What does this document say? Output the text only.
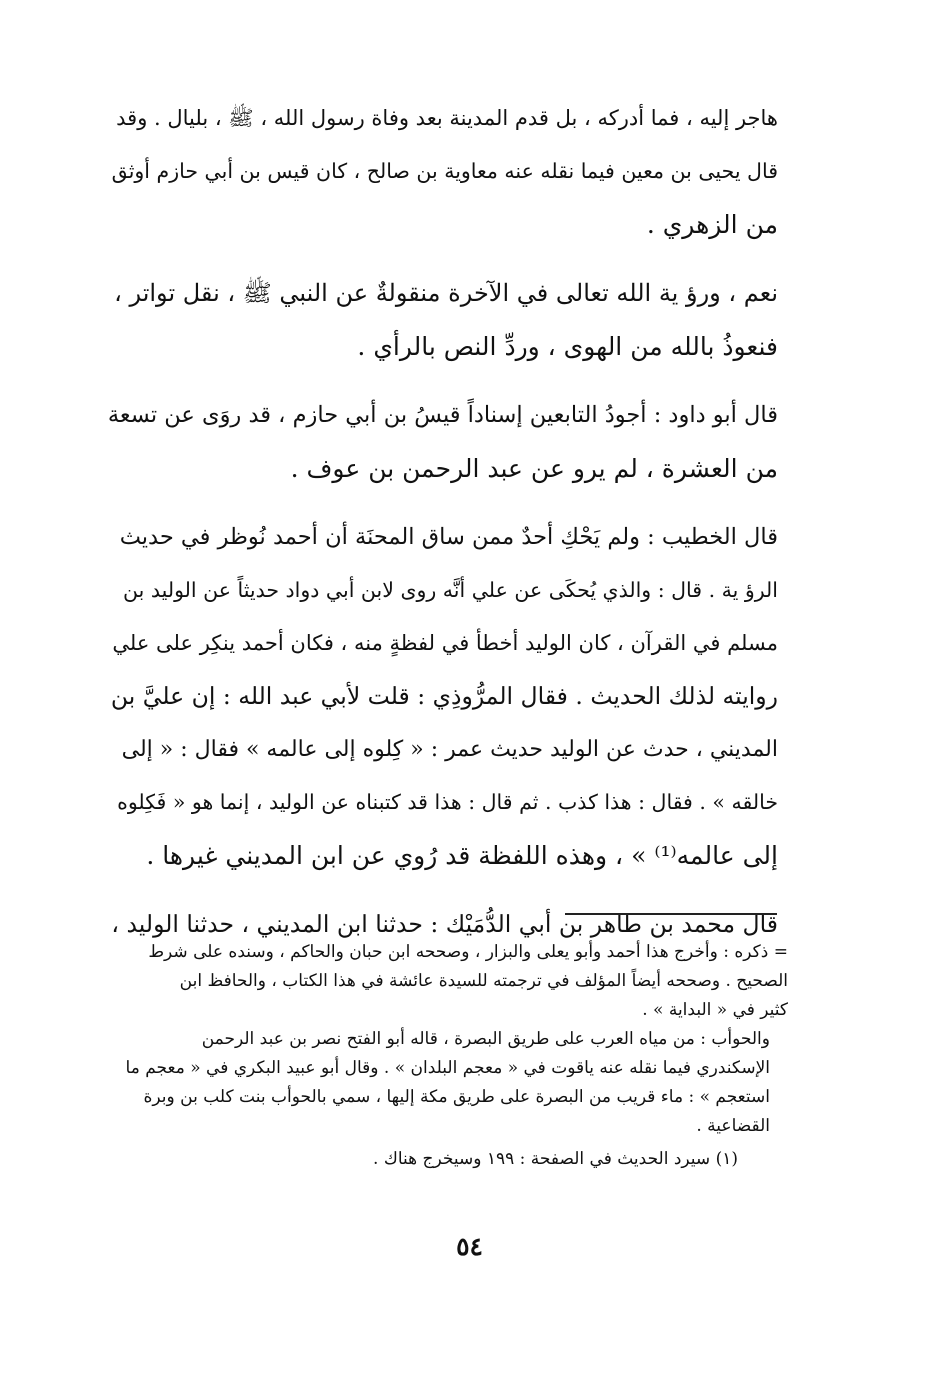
هاجر إليه ، فما أدركه ، بل قدم المدينة بعد وفاة رسول الله ، ﷺ ، بليال . وقد
قال يحيى بن معين فيما نقله عنه معاوية بن صالح ، كان قيس بن أبي حازم أوثق
من الزهري .

نعم ، ورؤ ية الله تعالى في الآخرة منقولةٌ عن النبي ﷺ ، نقل تواتر ،
فنعوذُ بالله من الهوى ، وردِّ النص بالرأي .

قال أبو داود : أجودُ التابعين إسناداً قيسُ بن أبي حازم ، قد روَى عن تسعة
من العشرة ، لم يرو عن عبد الرحمن بن عوف .

قال الخطيب : ولم يَحْكِ أحدٌ ممن ساق المحنَة أن أحمد نُوظر في حديث
الرؤ ية . قال : والذي يُحكَى عن علي أنَّه روى لابن أبي دواد حديثاً عن الوليد بن
مسلم في القرآن ، كان الوليد أخطأ في لفظةٍ منه ، فكان أحمد ينكِر على علي
روايته لذلك الحديث . فقال المرُّوذِي : قلت لأبي عبد الله : إن عليَّ بن
المديني ، حدث عن الوليد حديث عمر : « كِلوه إلى عالمه » فقال : « إلى
خالقه » . فقال : هذا كذب . ثم قال : هذا قد كتبناه عن الوليد ، إنما هو « فَكِلوه
إلى عالمه⁽¹⁾ » ، وهذه اللفظة قد رُوي عن ابن المديني غيرها .

قال محمد بن طاهر بن أبي الدُّمَيْك : حدثنا ابن المديني ، حدثنا الوليد ،

= ذكره : وأخرج هذا أحمد وأبو يعلى والبزار ، وصححه ابن حبان والحاكم ، وسنده على شرط
الصحيح . وصححه أيضاً المؤلف في ترجمته للسيدة عائشة في هذا الكتاب ، والحافظ ابن
كثير في « البداية » .

والحوأب : من مياه العرب على طريق البصرة ، قاله أبو الفتح نصر بن عبد الرحمن
الإسكندري فيما نقله عنه ياقوت في « معجم البلدان » . وقال أبو عبيد البكري في « معجم ما
استعجم » : ماء قريب من البصرة على طريق مكة إليها ، سمي بالحوأب بنت كلب بن وبرة
القضاعية .

(١) سيرد الحديث في الصفحة : ١٩٩ وسيخرج هناك .

٥٤
